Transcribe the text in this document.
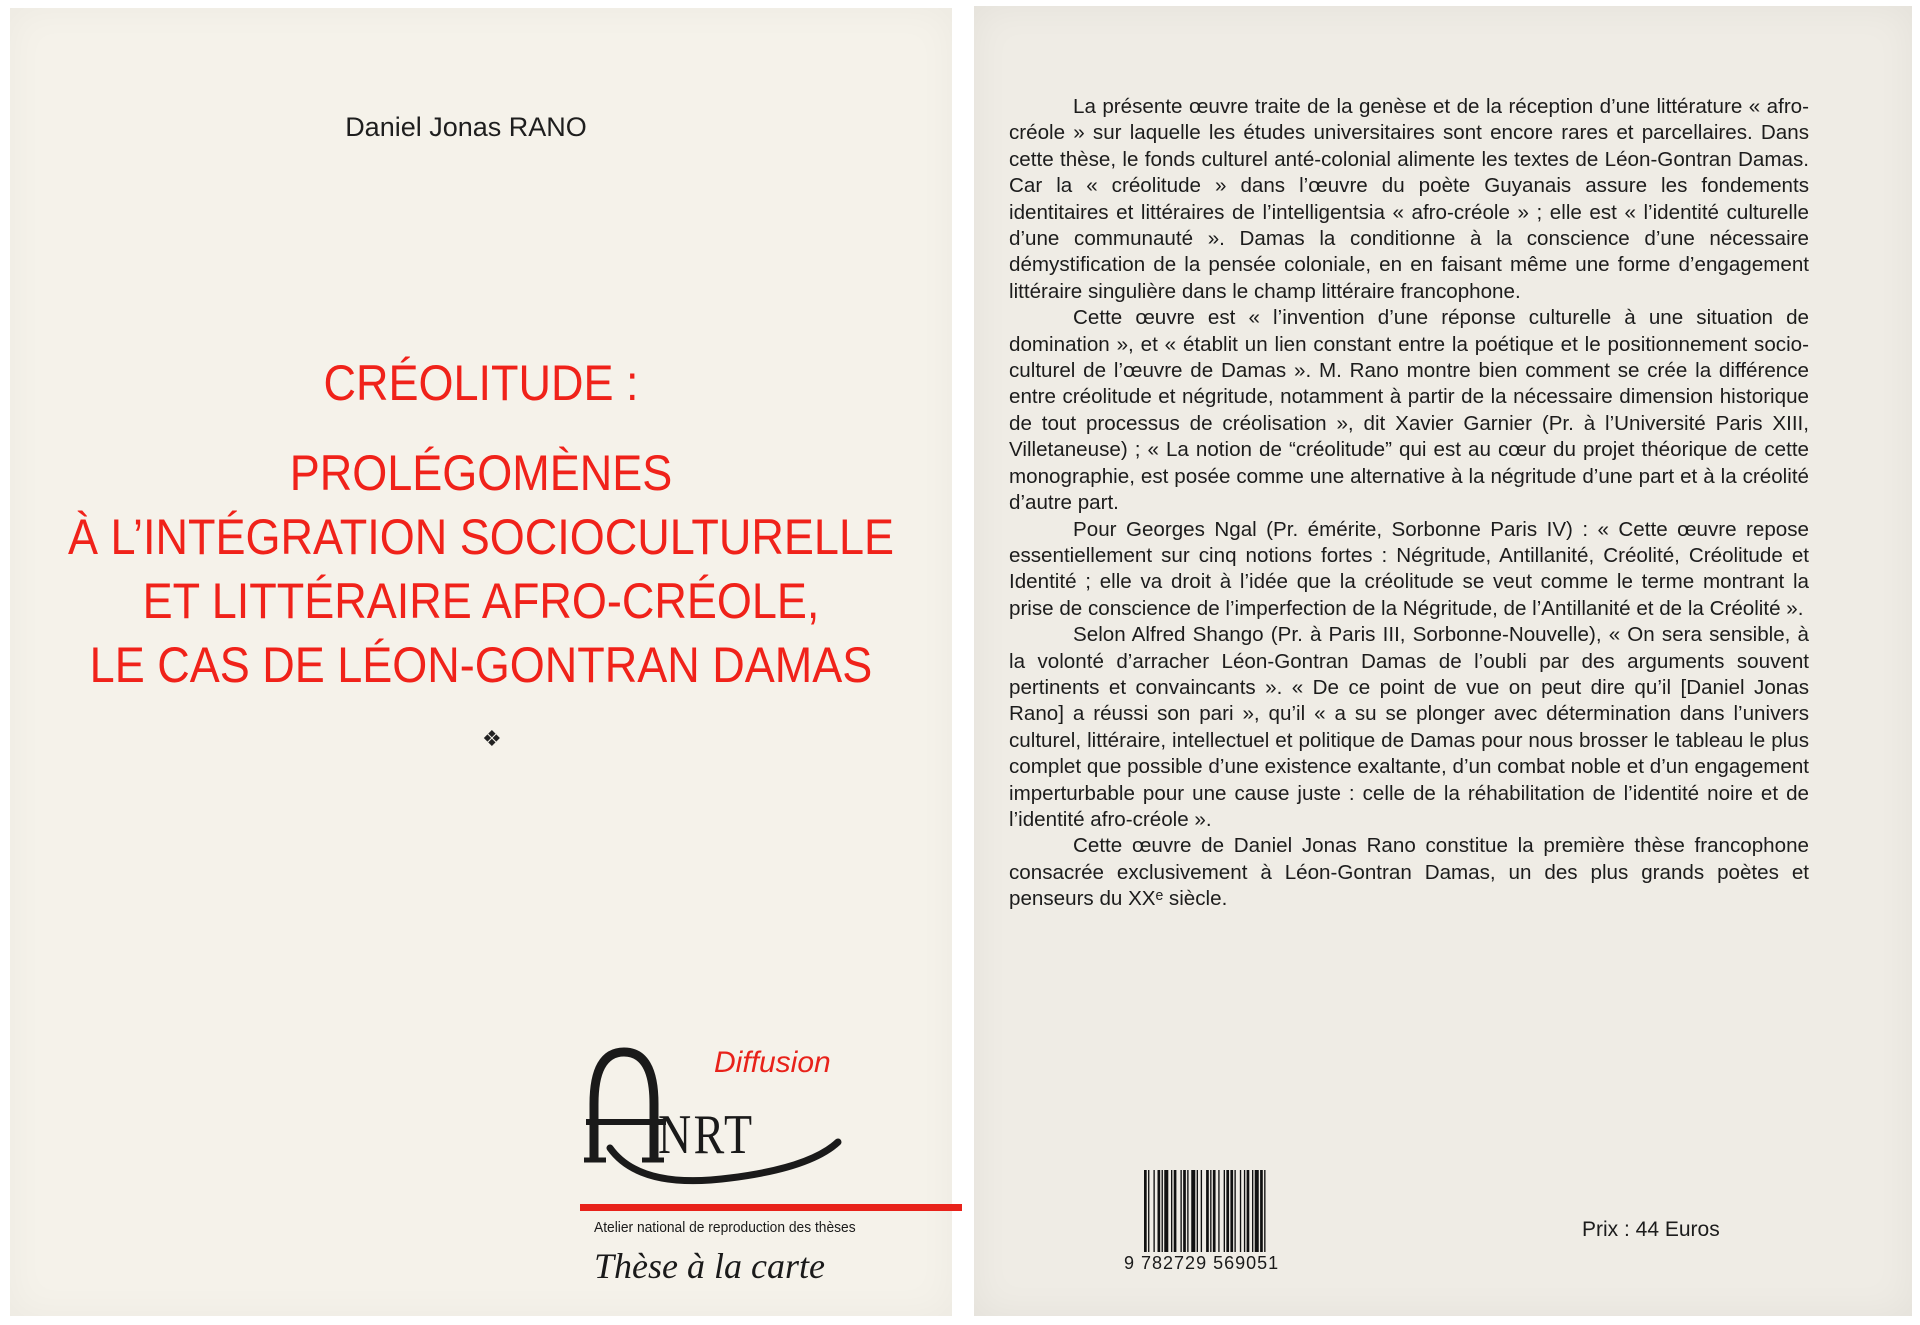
Daniel Jonas RANO
CRÉOLITUDE :
PROLÉGOMÈNES
À L’INTÉGRATION SOCIOCULTURELLE
ET LITTÉRAIRE AFRO-CRÉOLE,
LE CAS DE LÉON-GONTRAN DAMAS
❖
NRT
Diffusion
Atelier national de reproduction des thèses
Thèse à la carte

La présente œuvre traite de la genèse et de la réception d’une littérature « afro-créole » sur laquelle les études universitaires sont encore rares et parcellaires. Dans cette thèse, le fonds culturel anté-colonial alimente les textes de Léon-Gontran Damas. Car la « créolitude » dans l’œuvre du poète Guyanais assure les fondements identitaires et littéraires de l’intelligentsia « afro-créole » ; elle est « l’identité culturelle d’une communauté ». Damas la conditionne à la conscience d’une nécessaire démystification de la pensée coloniale, en en faisant même une forme d’engagement littéraire singulière dans le champ littéraire francophone.

Cette œuvre est « l’invention d’une réponse culturelle à une situation de domination », et « établit un lien constant entre la poétique et le positionnement socio-culturel de l’œuvre de Damas ». M. Rano montre bien comment se crée la différence entre créolitude et négritude, notamment à partir de la nécessaire dimension historique de tout processus de créolisation », dit Xavier Garnier (Pr. à l’Université Paris XIII, Villetaneuse) ; « La notion de “créolitude” qui est au cœur du projet théorique de cette monographie, est posée comme une alternative à la négritude d’une part et à la créolité d’autre part.

Pour Georges Ngal (Pr. émérite, Sorbonne Paris IV) : « Cette œuvre repose essentiellement sur cinq notions fortes : Négritude, Antillanité, Créolité, Créolitude et Identité ; elle va droit à l’idée que la créolitude se veut comme le terme montrant la prise de conscience de l’imperfection de la Négritude, de l’Antillanité et de la Créolité ».

Selon Alfred Shango (Pr. à Paris III, Sorbonne-Nouvelle), « On sera sensible, à la volonté d’arracher Léon-Gontran Damas de l’oubli par des arguments souvent pertinents et convaincants ». « De ce point de vue on peut dire qu’il [Daniel Jonas Rano] a réussi son pari », qu’il « a su se plonger avec détermination dans l’univers culturel, littéraire, intellectuel et politique de Damas pour nous brosser le tableau le plus complet que possible d’une existence exaltante, d’un combat noble et d’un engagement imperturbable pour une cause juste : celle de la réhabilitation de l’identité noire et de l’identité afro-créole ».

Cette œuvre de Daniel Jonas Rano constitue la première thèse francophone consacrée exclusivement à Léon-Gontran Damas, un des plus grands poètes et penseurs du XXᵉ siècle.

9 782729 569051
Prix : 44 Euros
